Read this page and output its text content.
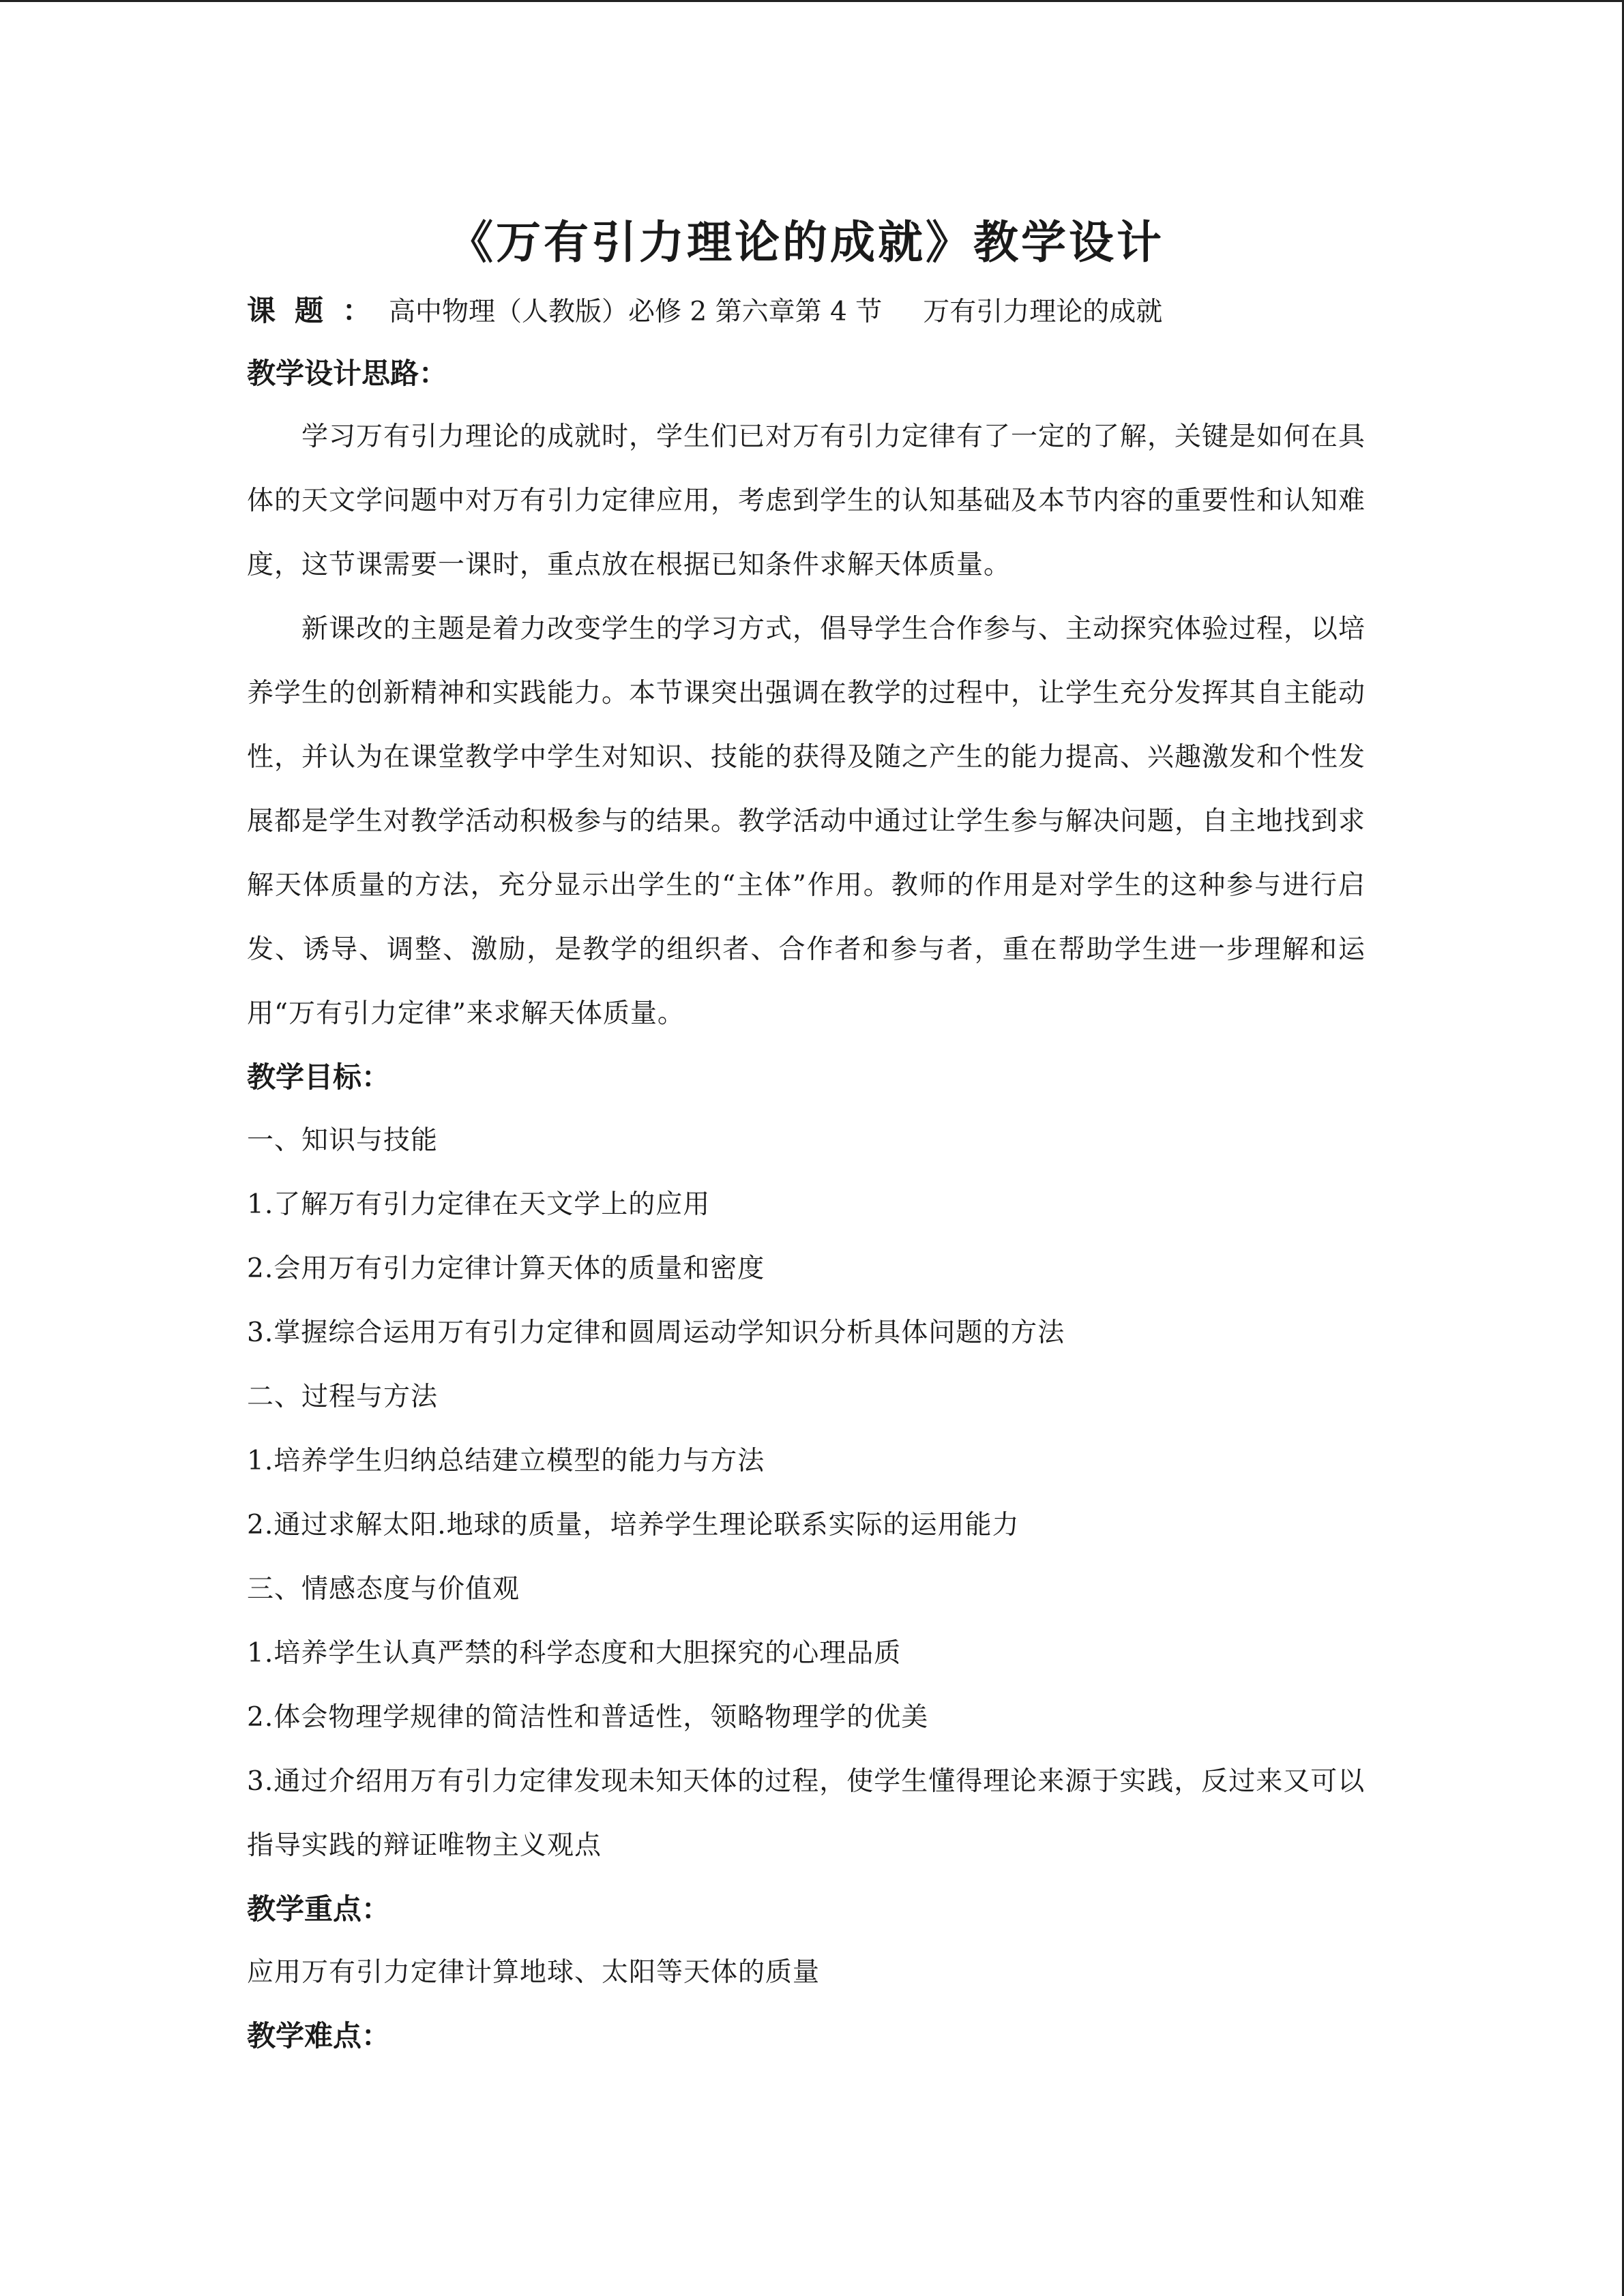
《万有引力理论的成就》教学设计
课题： 高中物理（人教版）必修 2 第六章第 4 节 万有引力理论的成就
教学设计思路：

学习万有引力理论的成就时，学生们已对万有引力定律有了一定的了解，关键是如何在具体的天文学问题中对万有引力定律应用，考虑到学生的认知基础及本节内容的重要性和认知难度，这节课需要一课时，重点放在根据已知条件求解天体质量。

新课改的主题是着力改变学生的学习方式，倡导学生合作参与、主动探究体验过程，以培养学生的创新精神和实践能力。本节课突出强调在教学的过程中，让学生充分发挥其自主能动性，并认为在课堂教学中学生对知识、技能的获得及随之产生的能力提高、兴趣激发和个性发展都是学生对教学活动积极参与的结果。教学活动中通过让学生参与解决问题，自主地找到求解天体质量的方法，充分显示出学生的“主体”作用。教师的作用是对学生的这种参与进行启发、诱导、调整、激励，是教学的组织者、合作者和参与者，重在帮助学生进一步理解和运用“万有引力定律”来求解天体质量。

教学目标：
一、知识与技能
1.了解万有引力定律在天文学上的应用
2.会用万有引力定律计算天体的质量和密度
3.掌握综合运用万有引力定律和圆周运动学知识分析具体问题的方法
二、过程与方法
1.培养学生归纳总结建立模型的能力与方法
2.通过求解太阳.地球的质量，培养学生理论联系实际的运用能力
三、情感态度与价值观
1.培养学生认真严禁的科学态度和大胆探究的心理品质
2.体会物理学规律的简洁性和普适性，领略物理学的优美
3.通过介绍用万有引力定律发现未知天体的过程，使学生懂得理论来源于实践，反过来又可以指导实践的辩证唯物主义观点
教学重点：
应用万有引力定律计算地球、太阳等天体的质量
教学难点：
